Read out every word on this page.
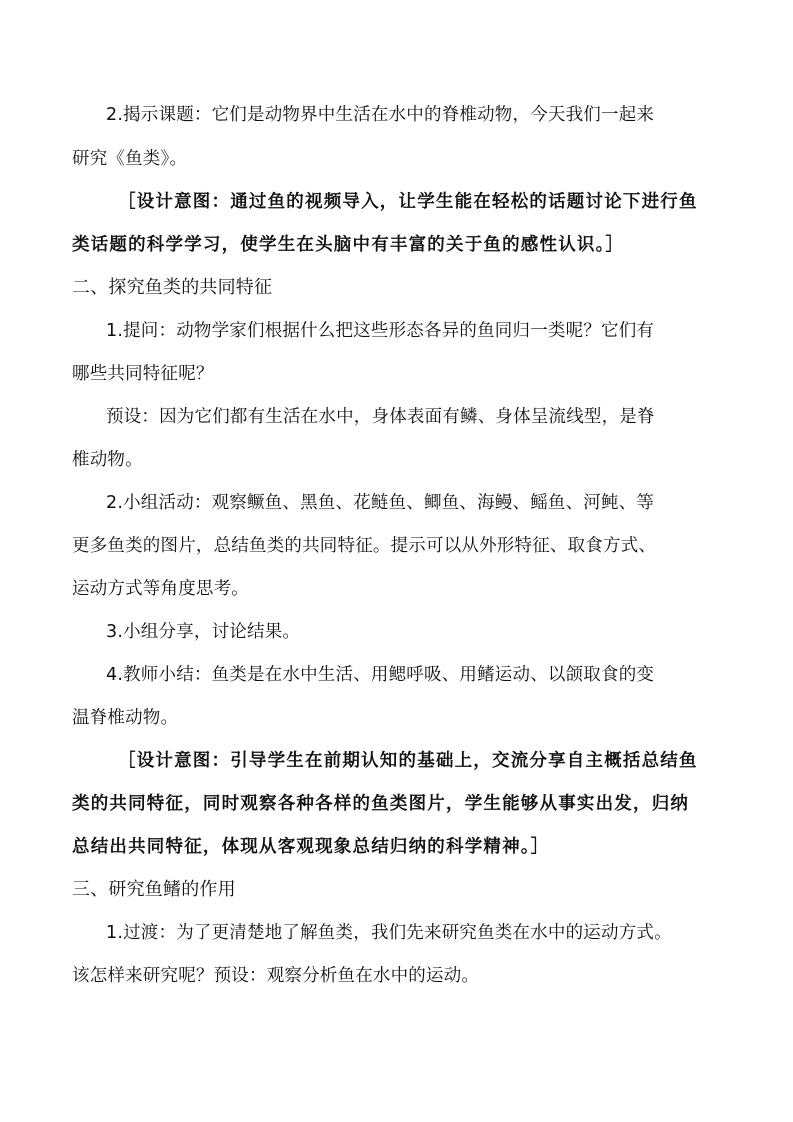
2.揭示课题：它们是动物界中生活在水中的脊椎动物，今天我们一起来
研究《鱼类》。
［设计意图：通过鱼的视频导入，让学生能在轻松的话题讨论下进行鱼
类话题的科学学习，使学生在头脑中有丰富的关于鱼的感性认识。］
二、探究鱼类的共同特征
1.提问：动物学家们根据什么把这些形态各异的鱼同归一类呢？它们有
哪些共同特征呢？
预设：因为它们都有生活在水中，身体表面有鳞、身体呈流线型，是脊
椎动物。
2.小组活动：观察鳜鱼、黑鱼、花鲢鱼、鲫鱼、海鳗、鳐鱼、河鲀、等
更多鱼类的图片，总结鱼类的共同特征。提示可以从外形特征、取食方式、
运动方式等角度思考。
3.小组分享，讨论结果。
4.教师小结：鱼类是在水中生活、用鳃呼吸、用鳍运动、以颌取食的变
温脊椎动物。
［设计意图：引导学生在前期认知的基础上，交流分享自主概括总结鱼
类的共同特征，同时观察各种各样的鱼类图片，学生能够从事实出发，归纳
总结出共同特征，体现从客观现象总结归纳的科学精神。］
三、研究鱼鳍的作用
1.过渡：为了更清楚地了解鱼类，我们先来研究鱼类在水中的运动方式。
该怎样来研究呢？预设：观察分析鱼在水中的运动。
